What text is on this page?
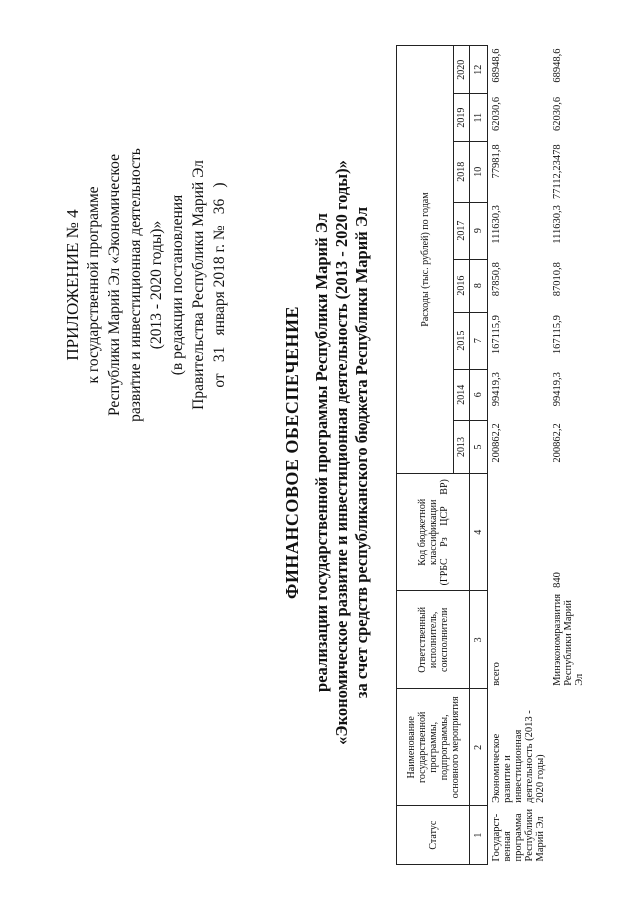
ПРИЛОЖЕНИЕ № 4 к государственной программе Республики Марий Эл «Экономическое развитие и инвестиционная деятельность (2013 - 2020 годы)» (в редакции постановления Правительства Республики Марий Эл от 31 января 2018 г. № 36 )
ФИНАНСОВОЕ ОБЕСПЕЧЕНИЕ реализации государственной программы Республики Марий Эл «Экономическое развитие и инвестиционная деятельность (2013 - 2020 годы)» за счет средств республиканского бюджета Республики Марий Эл
Статус	Наименование государственной программы, подпрограммы, основного мероприятия	Ответственный исполнитель, соисполнители	Код бюджетной классификации
(ГРБС
Рз
ЦСР
ВР)	Расходы (тыс. рублей) по годам							
				2013	2014	2015	2016	2017	2018	2019	2020
1	2	3	4	5	6	7	8	9	10	11	12
Государст-венная программа Республики Марий Эл	Экономическое развитие и инвестиционная деятельность (2013 - 2020 годы)	всего		200862,2	99419,3	167115,9	87850,8	111630,3	77981,8	62030,6	68948,6
		Минэкономразвития Республики Марий Эл	840	200862,2	99419,3	167115,9	87010,8	111630,3	77112,23478	62030,6	68948,6
